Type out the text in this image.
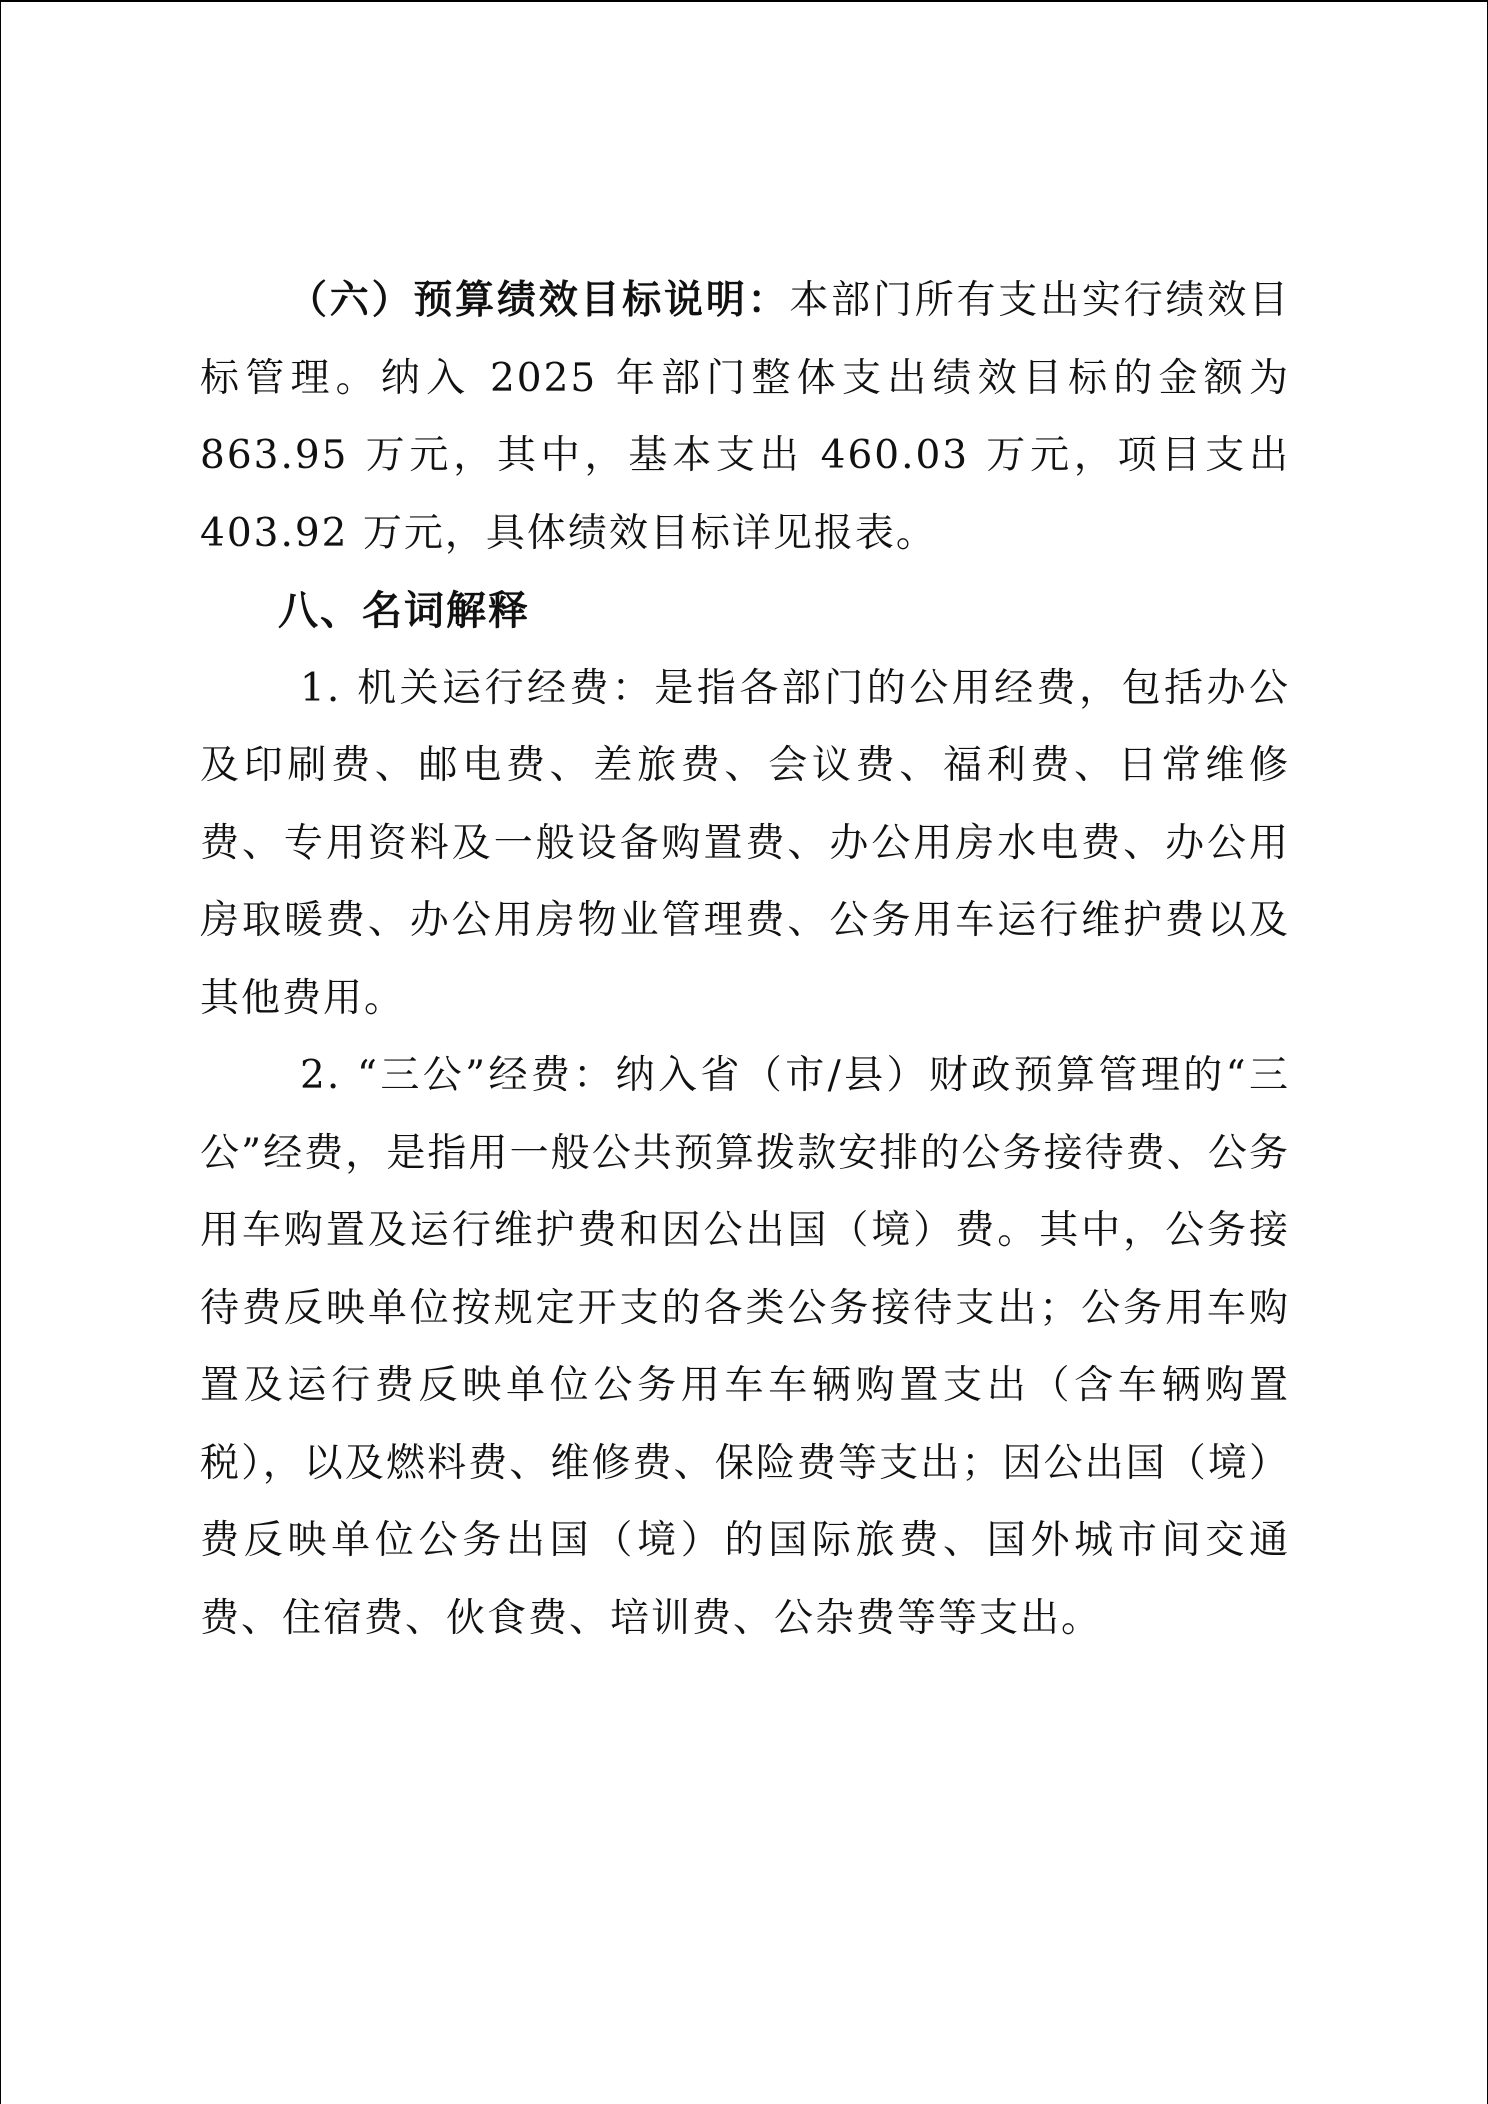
（六）预算绩效目标说明：本部门所有支出实行绩效目标管理。纳入 2025 年部门整体支出绩效目标的金额为 863.95 万元，其中，基本支出 460.03 万元，项目支出 403.92 万元，具体绩效目标详见报表。

八、名词解释

1. 机关运行经费：是指各部门的公用经费，包括办公及印刷费、邮电费、差旅费、会议费、福利费、日常维修费、专用资料及一般设备购置费、办公用房水电费、办公用房取暖费、办公用房物业管理费、公务用车运行维护费以及其他费用。

2. “三公”经费：纳入省（市/县）财政预算管理的“三公”经费，是指用一般公共预算拨款安排的公务接待费、公务用车购置及运行维护费和因公出国（境）费。其中，公务接待费反映单位按规定开支的各类公务接待支出；公务用车购置及运行费反映单位公务用车车辆购置支出（含车辆购置税），以及燃料费、维修费、保险费等支出；因公出国（境）费反映单位公务出国（境）的国际旅费、国外城市间交通费、住宿费、伙食费、培训费、公杂费等等支出。
